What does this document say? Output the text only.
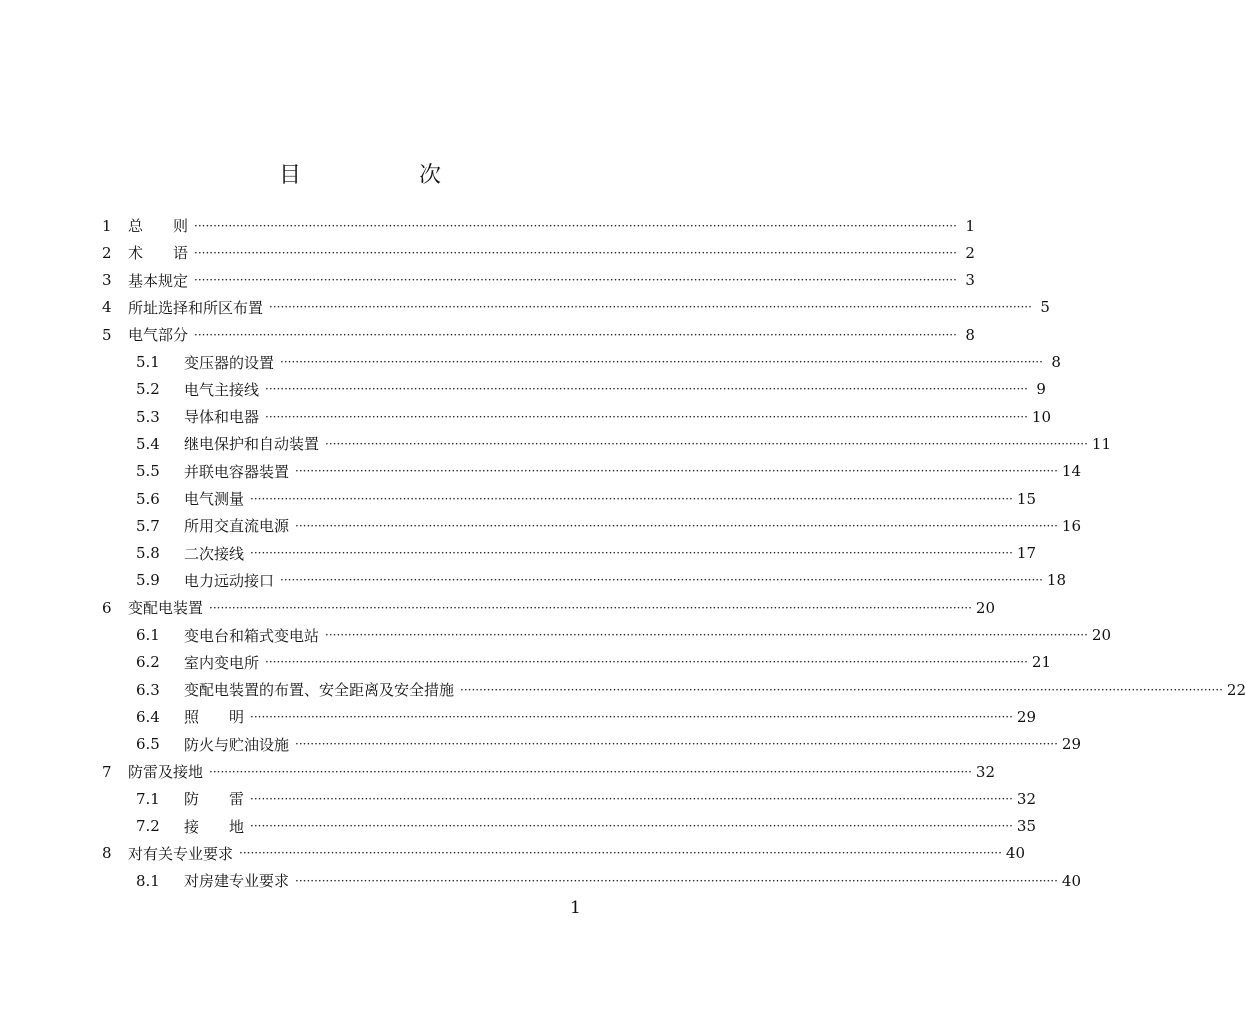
目　次
1	总　　则 ········································································································································································································ 1
2	术　　语 ········································································································································································································ 2
3	基本规定 ········································································································································································································ 3
4	所址选择和所区布置 ········································································································································································································ 5
5	电气部分 ········································································································································································································ 8
5.1	变压器的设置 ········································································································································································································ 8
5.2	电气主接线 ········································································································································································································ 9
5.3	导体和电器 ········································································································································································································ 10
5.4	继电保护和自动装置 ········································································································································································································ 11
5.5	并联电容器装置 ········································································································································································································ 14
5.6	电气测量 ········································································································································································································ 15
5.7	所用交直流电源 ········································································································································································································ 16
5.8	二次接线 ········································································································································································································ 17
5.9	电力远动接口 ········································································································································································································ 18
6	变配电装置 ········································································································································································································ 20
6.1	变电台和箱式变电站 ········································································································································································································ 20
6.2	室内变电所 ········································································································································································································ 21
6.3	变配电装置的布置、安全距离及安全措施 ········································································································································································································ 22
6.4	照　　明 ········································································································································································································ 29
6.5	防火与贮油设施 ········································································································································································································ 29
7	防雷及接地 ········································································································································································································ 32
7.1	防　　雷 ········································································································································································································ 32
7.2	接　　地 ········································································································································································································ 35
8	对有关专业要求 ········································································································································································································ 40
8.1	对房建专业要求 ········································································································································································································ 40
1
